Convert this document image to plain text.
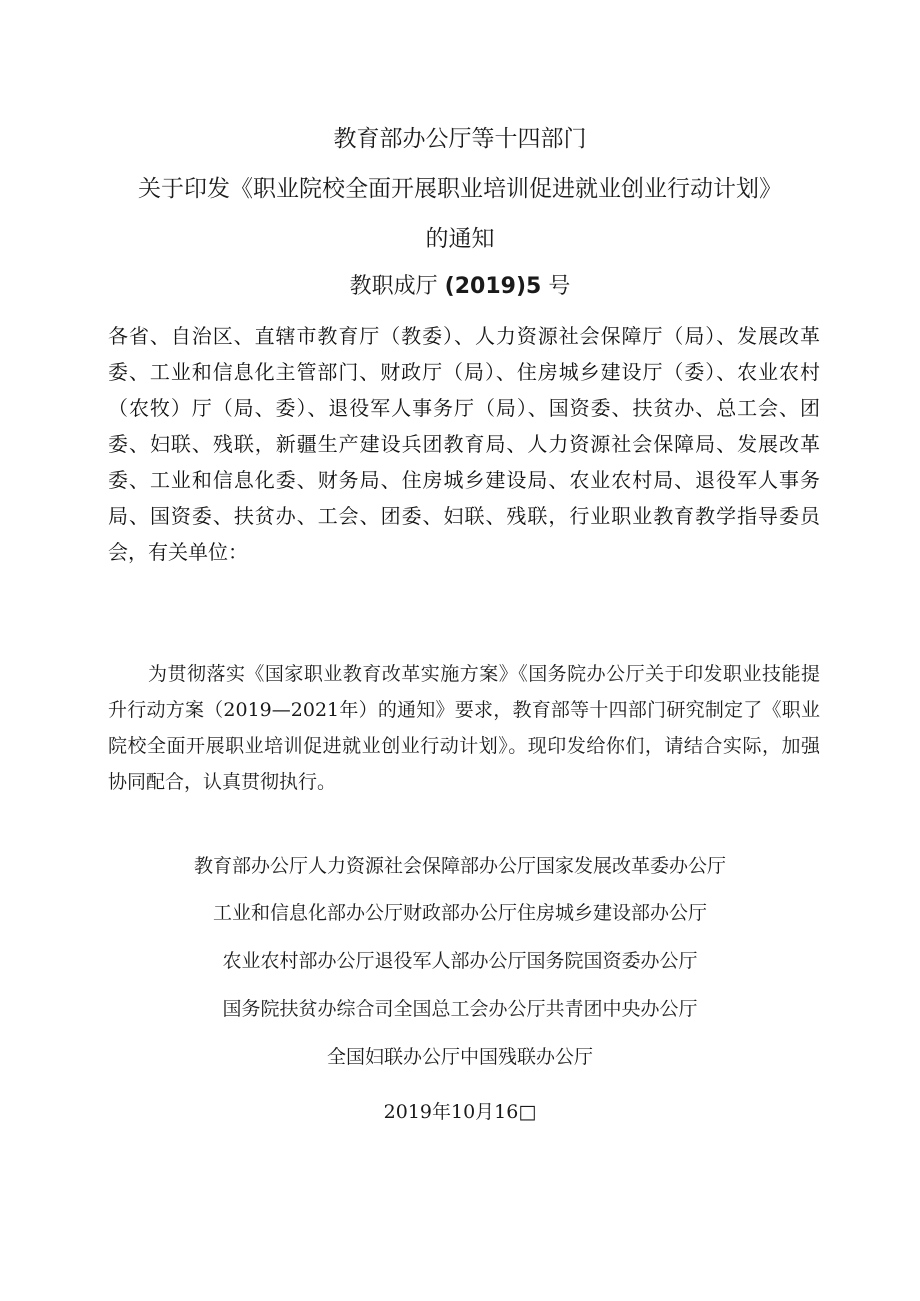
教育部办公厅等十四部门
关于印发《职业院校全面开展职业培训促进就业创业行动计划》
的通知
教职成厅 (2019)5 号
各省、自治区、直辖市教育厅（教委）、人力资源社会保障厅（局）、发展改革委、工业和信息化主管部门、财政厅（局）、住房城乡建设厅（委）、农业农村（农牧）厅（局、委）、退役军人事务厅（局）、国资委、扶贫办、总工会、团委、妇联、残联，新疆生产建设兵团教育局、人力资源社会保障局、发展改革委、工业和信息化委、财务局、住房城乡建设局、农业农村局、退役军人事务局、国资委、扶贫办、工会、团委、妇联、残联，行业职业教育教学指导委员会，有关单位：
为贯彻落实《国家职业教育改革实施方案》《国务院办公厅关于印发职业技能提升行动方案（2019—2021年）的通知》要求，教育部等十四部门研究制定了《职业院校全面开展职业培训促进就业创业行动计划》。现印发给你们，请结合实际，加强协同配合，认真贯彻执行。
教育部办公厅人力资源社会保障部办公厅国家发展改革委办公厅
工业和信息化部办公厅财政部办公厅住房城乡建设部办公厅
农业农村部办公厅退役军人部办公厅国务院国资委办公厅
国务院扶贫办综合司全国总工会办公厅共青团中央办公厅
全国妇联办公厅中国残联办公厅
2019年10月16□
